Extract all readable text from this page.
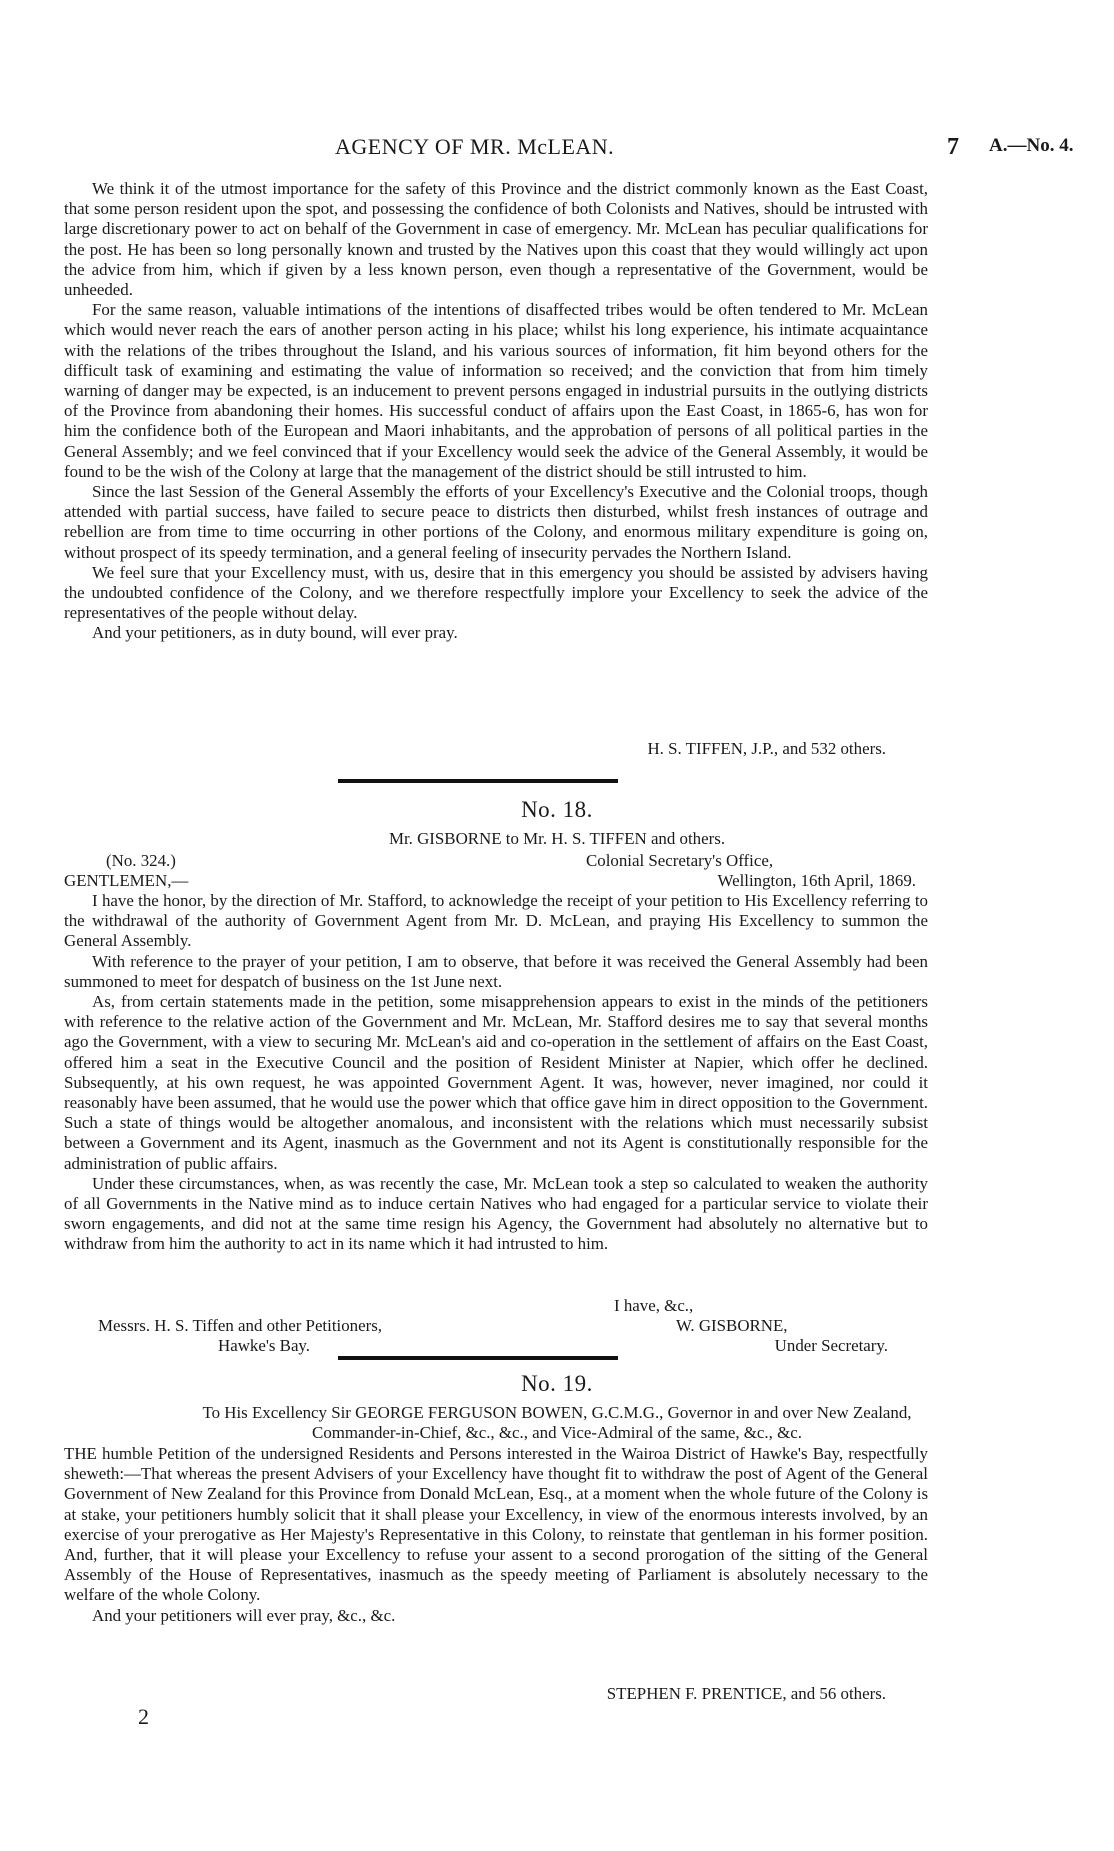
AGENCY OF MR. McLEAN.	7 A.—No. 4.

We think it of the utmost importance for the safety of this Province and the district commonly known as the East Coast, that some person resident upon the spot, and possessing the confidence of both Colonists and Natives, should be intrusted with large discretionary power to act on behalf of the Government in case of emergency. Mr. McLean has peculiar qualifications for the post. He has been so long personally known and trusted by the Natives upon this coast that they would willingly act upon the advice from him, which if given by a less known person, even though a representative of the Government, would be unheeded.

For the same reason, valuable intimations of the intentions of disaffected tribes would be often tendered to Mr. McLean which would never reach the ears of another person acting in his place; whilst his long experience, his intimate acquaintance with the relations of the tribes throughout the Island, and his various sources of information, fit him beyond others for the difficult task of examining and estimating the value of information so received; and the conviction that from him timely warning of danger may be expected, is an inducement to prevent persons engaged in industrial pursuits in the outlying districts of the Province from abandoning their homes. His successful conduct of affairs upon the East Coast, in 1865-6, has won for him the confidence both of the European and Maori inhabitants, and the approbation of persons of all political parties in the General Assembly; and we feel convinced that if your Excellency would seek the advice of the General Assembly, it would be found to be the wish of the Colony at large that the management of the district should be still intrusted to him.

Since the last Session of the General Assembly the efforts of your Excellency's Executive and the Colonial troops, though attended with partial success, have failed to secure peace to districts then disturbed, whilst fresh instances of outrage and rebellion are from time to time occurring in other portions of the Colony, and enormous military expenditure is going on, without prospect of its speedy termination, and a general feeling of insecurity pervades the Northern Island.

We feel sure that your Excellency must, with us, desire that in this emergency you should be assisted by advisers having the undoubted confidence of the Colony, and we therefore respectfully implore your Excellency to seek the advice of the representatives of the people without delay.

And your petitioners, as in duty bound, will ever pray.

H. S. TIFFEN, J.P., and 532 others.
No. 18.
Mr. GISBORNE to Mr. H. S. TIFFEN and others.
(No. 324.)	Colonial Secretary's Office,
GENTLEMEN,—	Wellington, 16th April, 1869.

I have the honor, by the direction of Mr. Stafford, to acknowledge the receipt of your petition to His Excellency referring to the withdrawal of the authority of Government Agent from Mr. D. McLean, and praying His Excellency to summon the General Assembly.

With reference to the prayer of your petition, I am to observe, that before it was received the General Assembly had been summoned to meet for despatch of business on the 1st June next.

As, from certain statements made in the petition, some misapprehension appears to exist in the minds of the petitioners with reference to the relative action of the Government and Mr. McLean, Mr. Stafford desires me to say that several months ago the Government, with a view to securing Mr. McLean's aid and co-operation in the settlement of affairs on the East Coast, offered him a seat in the Executive Council and the position of Resident Minister at Napier, which offer he declined. Subsequently, at his own request, he was appointed Government Agent. It was, however, never imagined, nor could it reasonably have been assumed, that he would use the power which that office gave him in direct opposition to the Government. Such a state of things would be altogether anomalous, and inconsistent with the relations which must necessarily subsist between a Government and its Agent, inasmuch as the Government and not its Agent is constitutionally responsible for the administration of public affairs.

Under these circumstances, when, as was recently the case, Mr. McLean took a step so calculated to weaken the authority of all Governments in the Native mind as to induce certain Natives who had engaged for a particular service to violate their sworn engagements, and did not at the same time resign his Agency, the Government had absolutely no alternative but to withdraw from him the authority to act in its name which it had intrusted to him.

I have, &c.,
Messrs. H. S. Tiffen and other Petitioners,	W. GISBORNE,
Hawke's Bay.	Under Secretary.
No. 19.
To His Excellency Sir GEORGE FERGUSON BOWEN, G.C.M.G., Governor in and over New Zealand,
Commander-in-Chief, &c., &c., and Vice-Admiral of the same, &c., &c.

THE humble Petition of the undersigned Residents and Persons interested in the Wairoa District of Hawke's Bay, respectfully sheweth:—That whereas the present Advisers of your Excellency have thought fit to withdraw the post of Agent of the General Government of New Zealand for this Province from Donald McLean, Esq., at a moment when the whole future of the Colony is at stake, your petitioners humbly solicit that it shall please your Excellency, in view of the enormous interests involved, by an exercise of your prerogative as Her Majesty's Representative in this Colony, to reinstate that gentleman in his former position. And, further, that it will please your Excellency to refuse your assent to a second prorogation of the sitting of the General Assembly of the House of Representatives, inasmuch as the speedy meeting of Parliament is absolutely necessary to the welfare of the whole Colony.

And your petitioners will ever pray, &c., &c.

STEPHEN F. PRENTICE, and 56 others.
2
